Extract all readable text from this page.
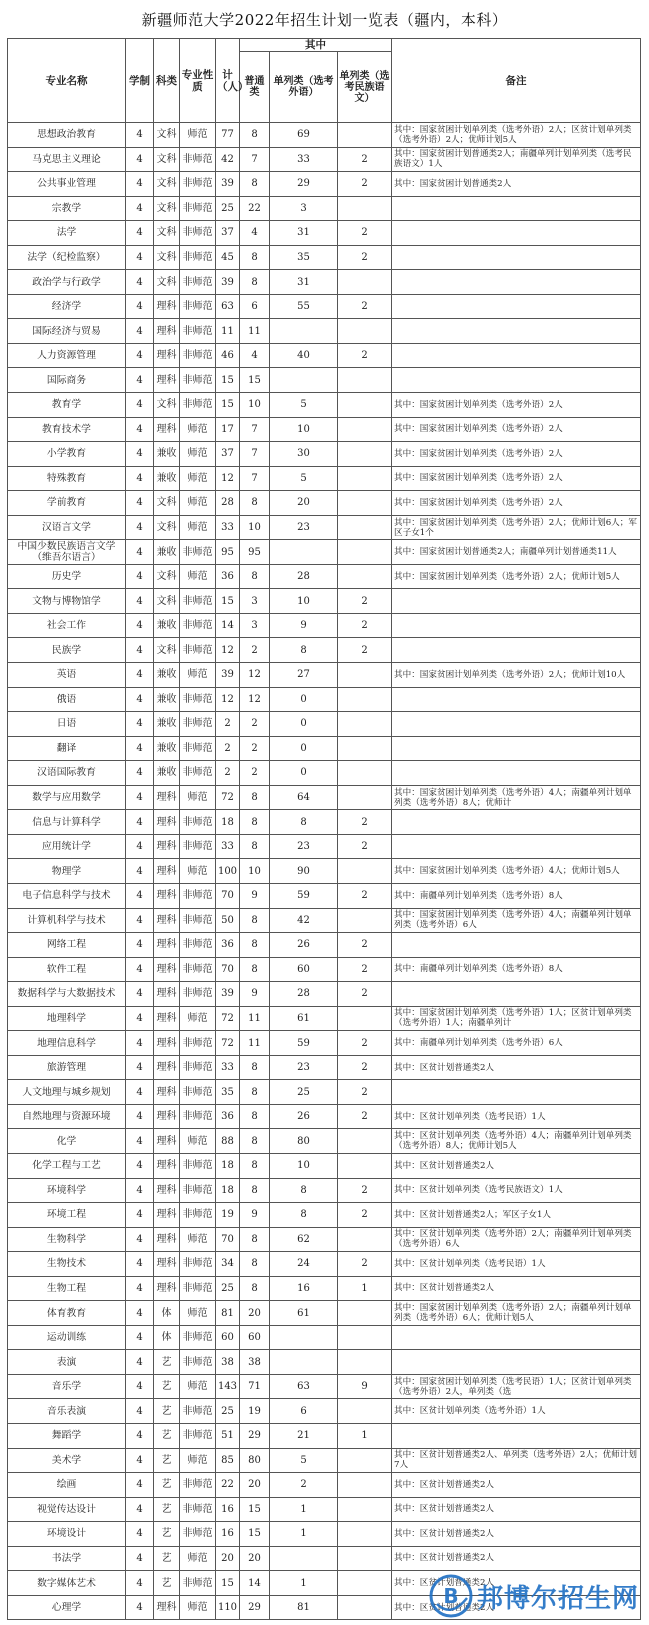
新疆师范大学2022年招生计划一览表（疆内，本科）
专业名称	学制	科类	专业性质	计（人）	其中			备注
					普通类	单列类（选考外语）	单列类（选考民族语文）	
思想政治教育	4	文科	师范	77	8	69		其中：国家贫困计划单列类（选考外语）2人；区贫计划单列类（选考外语）2人；优师计划5人
马克思主义理论	4	文科	非师范	42	7	33	2	其中：国家贫困计划普通类2人；南疆单列计划单列类（选考民族语文）1人
公共事业管理	4	文科	非师范	39	8	29	2	其中：国家贫困计划普通类2人
宗教学	4	文科	非师范	25	22	3		
法学	4	文科	非师范	37	4	31	2	
法学（纪检监察）	4	文科	非师范	45	8	35	2	
政治学与行政学	4	文科	非师范	39	8	31		
经济学	4	理科	非师范	63	6	55	2	
国际经济与贸易	4	理科	非师范	11	11			
人力资源管理	4	理科	非师范	46	4	40	2	
国际商务	4	理科	非师范	15	15			
教育学	4	文科	非师范	15	10	5		其中：国家贫困计划单列类（选考外语）2人
教育技术学	4	理科	师范	17	7	10		其中：国家贫困计划单列类（选考外语）2人
小学教育	4	兼收	师范	37	7	30		其中：国家贫困计划单列类（选考外语）2人
特殊教育	4	兼收	师范	12	7	5		其中：国家贫困计划单列类（选考外语）2人
学前教育	4	文科	师范	28	8	20		其中：国家贫困计划单列类（选考外语）2人
汉语言文学	4	文科	师范	33	10	23		其中：国家贫困计划单列类（选考外语）2人；优师计划6人；军区子女1个
中国少数民族语言文学（维吾尔语言）	4	兼收	非师范	95	95			其中：国家贫困计划普通类2人；南疆单列计划普通类11人
历史学	4	文科	师范	36	8	28		其中：国家贫困计划单列类（选考外语）2人；优师计划5人
文物与博物馆学	4	文科	非师范	15	3	10	2	
社会工作	4	兼收	非师范	14	3	9	2	
民族学	4	文科	非师范	12	2	8	2	
英语	4	兼收	师范	39	12	27		其中：国家贫困计划单列类（选考外语）2人；优师计划10人
俄语	4	兼收	非师范	12	12	0		
日语	4	兼收	非师范	2	2	0		
翻译	4	兼收	非师范	2	2	0		
汉语国际教育	4	兼收	非师范	2	2	0		
数学与应用数学	4	理科	师范	72	8	64		其中：国家贫困计划单列类（选考外语）4人；南疆单列计划单列类（选考外语）8人；优师计
信息与计算科学	4	理科	非师范	18	8	8	2	
应用统计学	4	理科	非师范	33	8	23	2	
物理学	4	理科	师范	100	10	90		其中：国家贫困计划单列类（选考外语）4人；优师计划5人
电子信息科学与技术	4	理科	非师范	70	9	59	2	其中：南疆单列计划单列类（选考外语）8人
计算机科学与技术	4	理科	非师范	50	8	42		其中：国家贫困计划单列类（选考外语）4人；南疆单列计划单列类（选考外语）6人
网络工程	4	理科	非师范	36	8	26	2	
软件工程	4	理科	非师范	70	8	60	2	其中：南疆单列计划单列类（选考外语）8人
数据科学与大数据技术	4	理科	非师范	39	9	28	2	
地理科学	4	理科	师范	72	11	61		其中：国家贫困计划单列类（选考外语）1人；区贫计划单列类（选考外语）1人；南疆单列计
地理信息科学	4	理科	非师范	72	11	59	2	其中：南疆单列计划单列类（选考外语）6人
旅游管理	4	理科	非师范	33	8	23	2	其中：区贫计划普通类2人
人文地理与城乡规划	4	理科	非师范	35	8	25	2	
自然地理与资源环境	4	理科	非师范	36	8	26	2	其中：区贫计划单列类（选考民语）1人
化学	4	理科	师范	88	8	80		其中：区贫计划单列类（选考外语）4人；南疆单列计划单列类（选考外语）8人；优师计划5人
化学工程与工艺	4	理科	非师范	18	8	10		其中：区贫计划普通类2人
环境科学	4	理科	非师范	18	8	8	2	其中：区贫计划单列类（选考民族语文）1人
环境工程	4	理科	非师范	19	9	8	2	其中：区贫计划普通类2人；军区子女1人
生物科学	4	理科	师范	70	8	62		其中：区贫计划单列类（选考外语）2人；南疆单列计划单列类（选考外语）6人
生物技术	4	理科	非师范	34	8	24	2	其中：区贫计划单列类（选考民语）1人
生物工程	4	理科	非师范	25	8	16	1	其中：区贫计划普通类2人
体育教育	4	体	师范	81	20	61		其中：国家贫困计划单列类（选考外语）2人；南疆单列计划单列类（选考外语）6人；优师计划5人
运动训练	4	体	非师范	60	60			
表演	4	艺	非师范	38	38			
音乐学	4	艺	师范	143	71	63	9	其中：国家贫困计划单列类（选考民语）1人；区贫计划单列类（选考外语）2人，单列类（选
音乐表演	4	艺	非师范	25	19	6		其中：区贫计划单列类（选考外语）1人
舞蹈学	4	艺	非师范	51	29	21	1	
美术学	4	艺	师范	85	80	5		其中：区贫计划普通类2人、单列类（选考外语）2人；优师计划7人
绘画	4	艺	非师范	22	20	2		其中：区贫计划普通类2人
视觉传达设计	4	艺	非师范	16	15	1		其中：区贫计划普通类2人
环境设计	4	艺	非师范	16	15	1		其中：区贫计划普通类2人
书法学	4	艺	师范	20	20			其中：区贫计划普通类2人
数字媒体艺术	4	艺	非师范	15	14	1		其中：区贫计划普通类2人
心理学	4	理科	师范	110	29	81		其中：区贫计划普通类2人
B 邦博尔招生网
